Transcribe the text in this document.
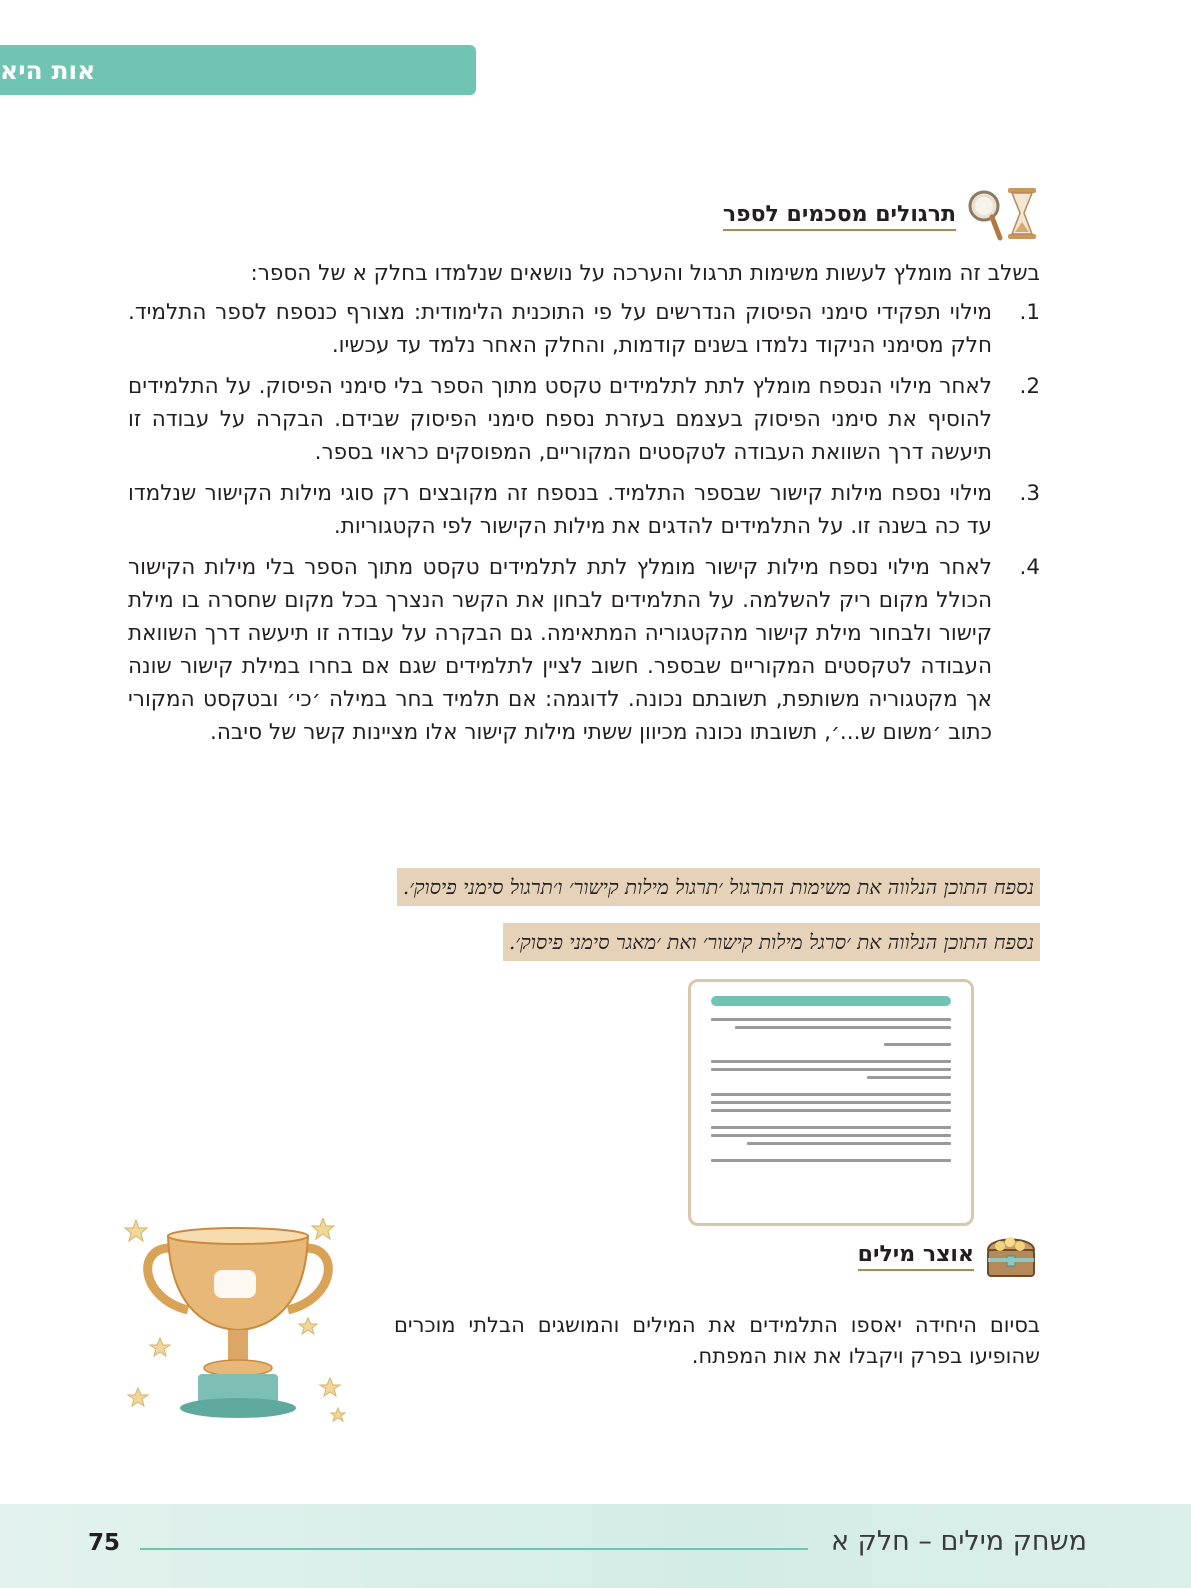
אות היא
תרגולים מסכמים לספר

בשלב זה מומלץ לעשות משימות תרגול והערכה על נושאים שנלמדו בחלק א של הספר:

1.
מילוי תפקידי סימני הפיסוק הנדרשים על פי התוכנית הלימודית: מצורף כנספח לספר התלמיד. חלק מסימני הניקוד נלמדו בשנים קודמות, והחלק האחר נלמד עד עכשיו.
2.
לאחר מילוי הנספח מומלץ לתת לתלמידים טקסט מתוך הספר בלי סימני הפיסוק. על התלמידים להוסיף את סימני הפיסוק בעצמם בעזרת נספח סימני הפיסוק שבידם. הבקרה על עבודה זו תיעשה דרך השוואת העבודה לטקסטים המקוריים, המפוסקים כראוי בספר.
3.
מילוי נספח מילות קישור שבספר התלמיד. בנספח זה מקובצים רק סוגי מילות הקישור שנלמדו עד כה בשנה זו. על התלמידים להדגים את מילות הקישור לפי הקטגוריות.
4.
לאחר מילוי נספח מילות קישור מומלץ לתת לתלמידים טקסט מתוך הספר בלי מילות הקישור הכולל מקום ריק להשלמה. על התלמידים לבחון את הקשר הנצרך בכל מקום שחסרה בו מילת קישור ולבחור מילת קישור מהקטגוריה המתאימה. גם הבקרה על עבודה זו תיעשה דרך השוואת העבודה לטקסטים המקוריים שבספר. חשוב לציין לתלמידים שגם אם בחרו במילת קישור שונה אך מקטגוריה משותפת, תשובתם נכונה. לדוגמה: אם תלמיד בחר במילה ׳כי׳ ובטקסט המקורי כתוב ׳משום ש...׳, תשובתו נכונה מכיוון ששתי מילות קישור אלו מציינות קשר של סיבה.
נספח התוכן הנלווה את משימות התרגול ׳תרגול מילות קישור׳ ו׳תרגול סימני פיסוק׳.
נספח התוכן הנלווה את ׳סרגל מילות קישור׳ ואת ׳מאגר סימני פיסוק׳.
אוצר מילים

בסיום היחידה יאספו התלמידים את המילים והמושגים הבלתי מוכרים שהופיעו בפרק ויקבלו את אות המפתח.

75	משחק מילים – חלק א
